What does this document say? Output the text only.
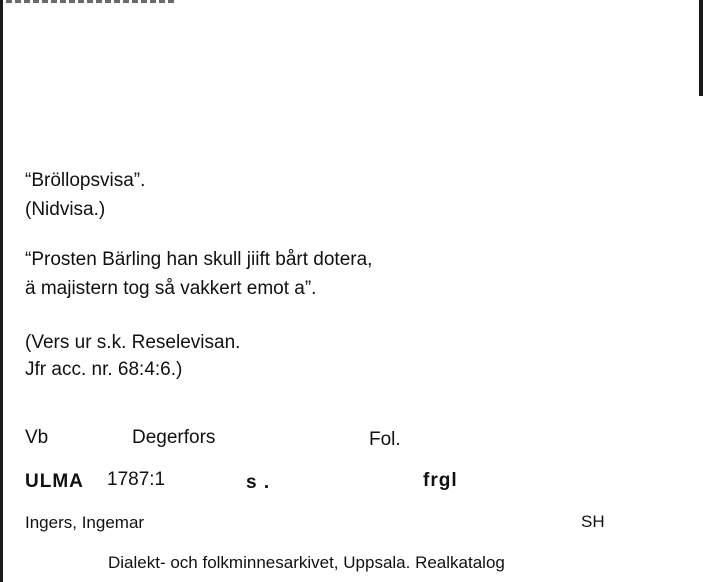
“Bröllopsvisa”.
(Nidvisa.)
“Prosten Bärling han skull jiift bårt dotera,
ä majistern tog så vakkert emot a”.
(Vers ur s.k. Reselevisan.
Jfr acc. nr. 68:4:6.)
Vb	Degerfors	Fol.
ULMA 1787:1	s .	frgl
Ingers, Ingemar	SH
Dialekt- och folkminnesarkivet, Uppsala. Realkatalog
